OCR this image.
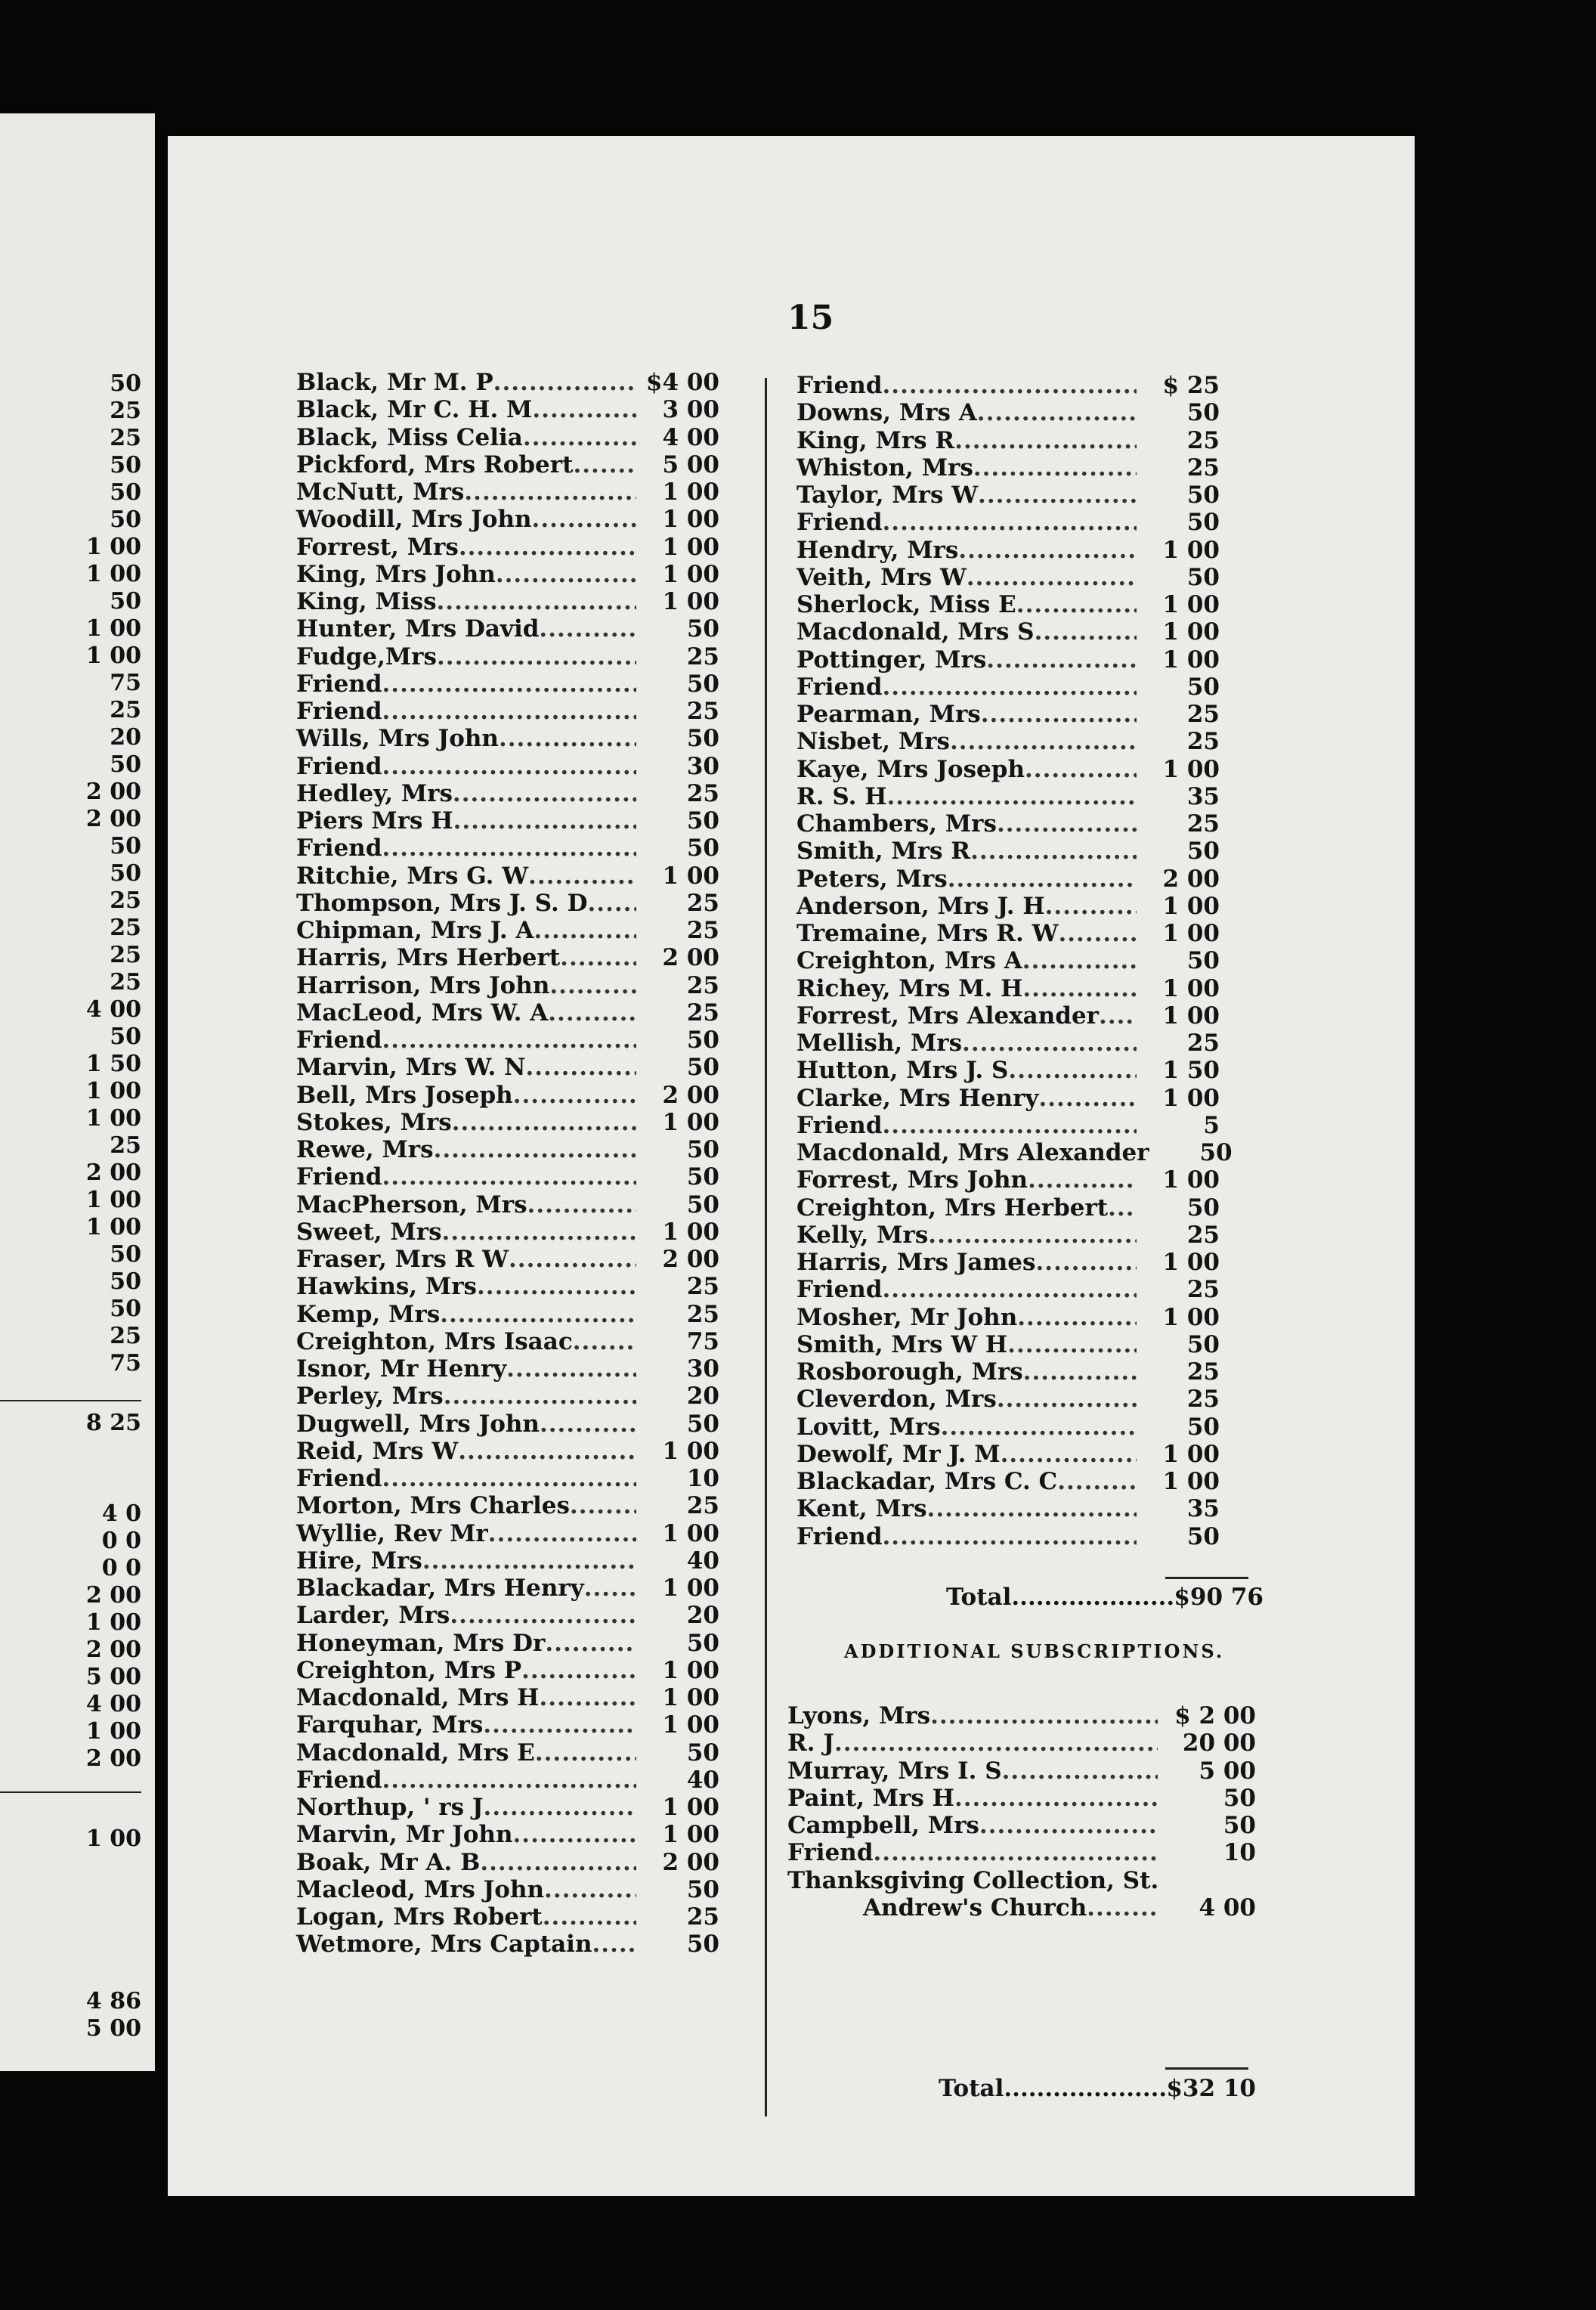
50
25
25
50
50
50
1 00
1 00
50
1 00
1 00
75
25
20
50
2 00
2 00
50
50
25
25
25
25
4 00
50
1 50
1 00
1 00
25
2 00
1 00
1 00
50
50
50
25
75
8 25
4 0
0 0
0 0
2 00
1 00
2 00
5 00
4 00
1 00
2 00
1 00
4 86
5 00
15
Black, Mr M. P .....	$4 00
Black, Mr C. H. M .....	3 00
Black, Miss Celia .....	4 00
Pickford, Mrs Robert .....	5 00
McNutt, Mrs .....	1 00
Woodill, Mrs John .....	1 00
Forrest, Mrs .....	1 00
King, Mrs John .....	1 00
King, Miss .....	1 00
Hunter, Mrs David .....	50
Fudge,Mrs .....	25
Friend .....	50
Friend .....	25
Wills, Mrs John .....	50
Friend .....	30
Hedley, Mrs .....	25
Piers Mrs H .....	50
Friend .....	50
Ritchie, Mrs G. W .....	1 00
Thompson, Mrs J. S. D .....	25
Chipman, Mrs J. A .....	25
Harris, Mrs Herbert .....	2 00
Harrison, Mrs John .....	25
MacLeod, Mrs W. A .....	25
Friend .....	50
Marvin, Mrs W. N .....	50
Bell, Mrs Joseph .....	2 00
Stokes, Mrs .....	1 00
Rewe, Mrs .....	50
Friend .....	50
MacPherson, Mrs .....	50
Sweet, Mrs .....	1 00
Fraser, Mrs R W .....	2 00
Hawkins, Mrs .....	25
Kemp, Mrs .....	25
Creighton, Mrs Isaac .....	75
Isnor, Mr Henry .....	30
Perley, Mrs .....	20
Dugwell, Mrs John .....	50
Reid, Mrs W .....	1 00
Friend .....	10
Morton, Mrs Charles .....	25
Wyllie, Rev Mr .....	1 00
Hire, Mrs .....	40
Blackadar, Mrs Henry .....	1 00
Larder, Mrs .....	20
Honeyman, Mrs Dr .....	50
Creighton, Mrs P .....	1 00
Macdonald, Mrs H .....	1 00
Farquhar, Mrs .....	1 00
Macdonald, Mrs E .....	50
Friend .....	40
Northup, ' rs J .....	1 00
Marvin, Mr John .....	1 00
Boak, Mr A. B .....	2 00
Macleod, Mrs John .....	50
Logan, Mrs Robert .....	25
Wetmore, Mrs Captain .....	50
Friend .....	$ 25
Downs, Mrs A .....	50
King, Mrs R .....	25
Whiston, Mrs .....	25
Taylor, Mrs W .....	50
Friend .....	50
Hendry, Mrs .....	1 00
Veith, Mrs W .....	50
Sherlock, Miss E .....	1 00
Macdonald, Mrs S .....	1 00
Pottinger, Mrs .....	1 00
Friend .....	50
Pearman, Mrs .....	25
Nisbet, Mrs .....	25
Kaye, Mrs Joseph .....	1 00
R. S. H .....	35
Chambers, Mrs .....	25
Smith, Mrs R .....	50
Peters, Mrs .....	2 00
Anderson, Mrs J. H .....	1 00
Tremaine, Mrs R. W .....	1 00
Creighton, Mrs A .....	50
Richey, Mrs M. H .....	1 00
Forrest, Mrs Alexander .....	1 00
Mellish, Mrs .....	25
Hutton, Mrs J. S .....	1 50
Clarke, Mrs Henry .....	1 00
Friend .....	5
Macdonald, Mrs Alexander	50
Forrest, Mrs John .....	1 00
Creighton, Mrs Herbert .....	50
Kelly, Mrs .....	25
Harris, Mrs James .....	1 00
Friend .....	25
Mosher, Mr John .....	1 00
Smith, Mrs W H .....	50
Rosborough, Mrs .....	25
Cleverdon, Mrs .....	25
Lovitt, Mrs .....	50
Dewolf, Mr J. M .....	1 00
Blackadar, Mrs C. C .....	1 00
Kent, Mrs .....	35
Friend .....	50
Total .....	$90 76
ADDITIONAL SUBSCRIPTIONS.
Lyons, Mrs .....	$ 2 00
R. J .....	20 00
Murray, Mrs I. S .....	5 00
Paint, Mrs H .....	50
Campbell, Mrs .....	50
Friend .....	10
Thanksgiving Collection, St.
Andrew's Church .....	4 00
Total .....	$32 10
